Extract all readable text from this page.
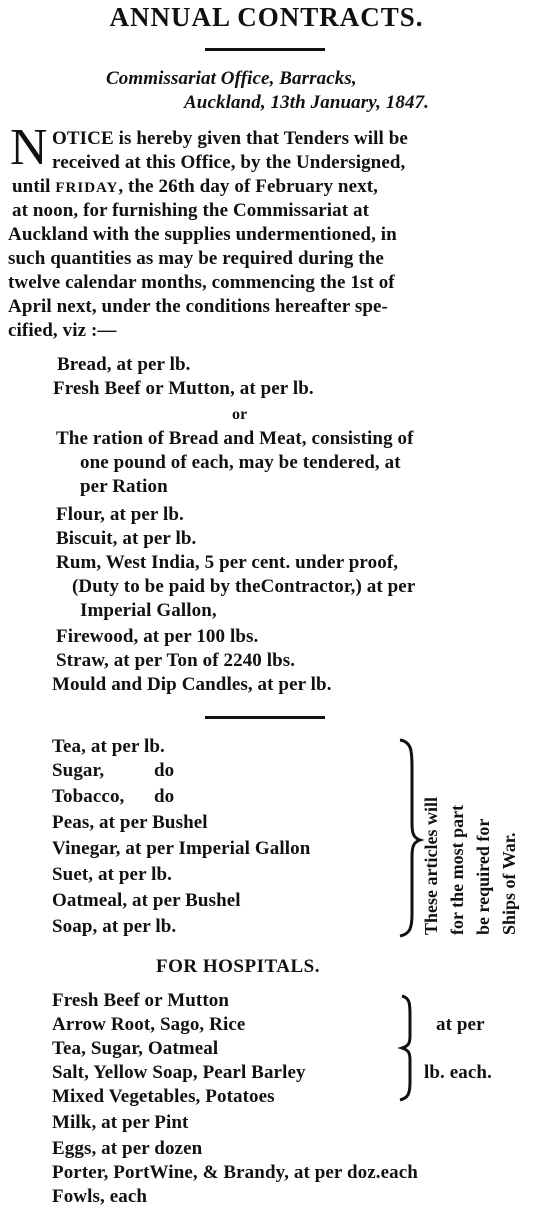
ANNUAL CONTRACTS.
Commissariat Office, Barracks,
Auckland, 13th January, 1847.
N OTICE is hereby given that Tenders will be
received at this Office, by the Undersigned,
until FRIDAY, the 26th day of February next,
at noon, for furnishing the Commissariat at
Auckland with the supplies undermentioned, in
such quantities as may be required during the
twelve calendar months, commencing the 1st of
April next, under the conditions hereafter spe-
cified, viz :—
Bread, at per lb.
Fresh Beef or Mutton, at per lb.
or
The ration of Bread and Meat, consisting of
one pound of each, may be tendered, at
per Ration
Flour, at per lb.
Biscuit, at per lb.
Rum, West India, 5 per cent. under proof,
(Duty to be paid by theContractor,) at per
Imperial Gallon,
Firewood, at per 100 lbs.
Straw, at per Ton of 2240 lbs.
Mould and Dip Candles, at per lb.
Tea, at per lb.
Sugar,	do
Tobacco, do
Peas, at per Bushel
Vinegar, at per Imperial Gallon
Suet, at per lb.
Oatmeal, at per Bushel
Soap, at per lb.	These articles will for the most part be required for Ships of War.
FOR HOSPITALS.
Fresh Beef or Mutton
Arrow Root, Sago, Rice
Tea, Sugar, Oatmeal
Salt, Yellow Soap, Pearl Barley
Mixed Vegetables, Potatoes
Milk, at per Pint
Eggs, at per dozen
Porter, PortWine, & Brandy, at per doz.each
Fowls, each
at per
lb. each.
